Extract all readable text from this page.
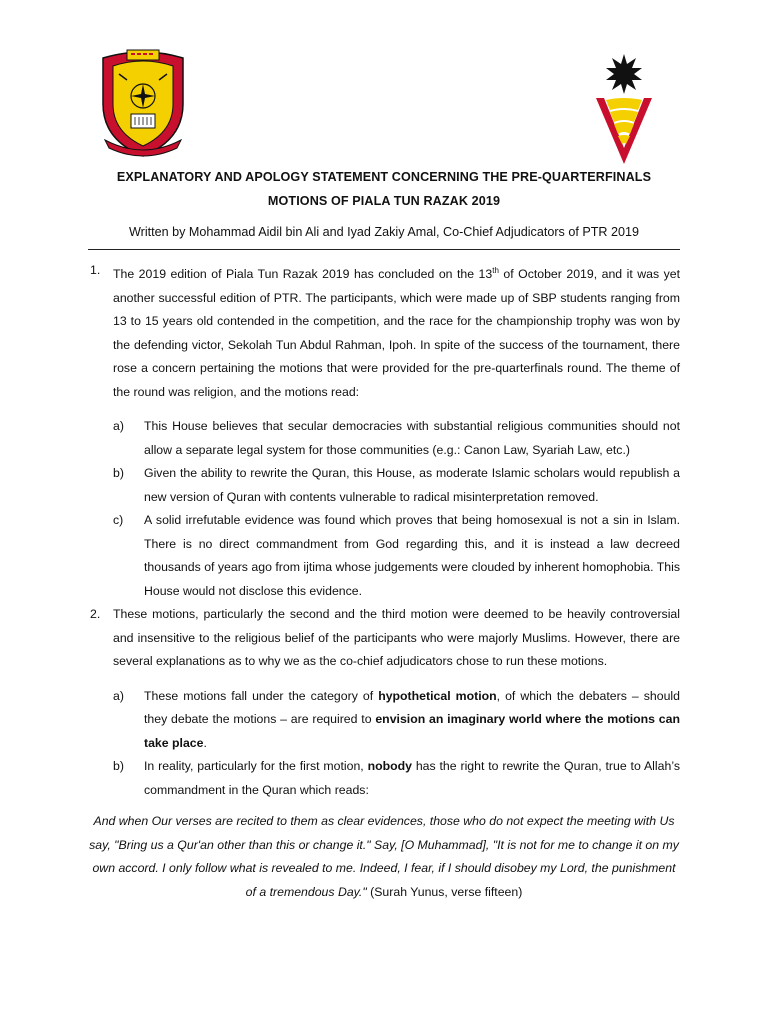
EXPLANATORY AND APOLOGY STATEMENT CONCERNING THE PRE-QUARTERFINALS
MOTIONS OF PIALA TUN RAZAK 2019
Written by Mohammad Aidil bin Ali and Iyad Zakiy Amal, Co-Chief Adjudicators of PTR 2019
1. The 2019 edition of Piala Tun Razak 2019 has concluded on the 13th of October 2019, and it was yet another successful edition of PTR. The participants, which were made up of SBP students ranging from 13 to 15 years old contended in the competition, and the race for the championship trophy was won by the defending victor, Sekolah Tun Abdul Rahman, Ipoh. In spite of the success of the tournament, there rose a concern pertaining the motions that were provided for the pre-quarterfinals round. The theme of the round was religion, and the motions read:
a) This House believes that secular democracies with substantial religious communities should not allow a separate legal system for those communities (e.g.: Canon Law, Syariah Law, etc.)
b) Given the ability to rewrite the Quran, this House, as moderate Islamic scholars would republish a new version of Quran with contents vulnerable to radical misinterpretation removed.
c) A solid irrefutable evidence was found which proves that being homosexual is not a sin in Islam. There is no direct commandment from God regarding this, and it is instead a law decreed thousands of years ago from ijtima whose judgements were clouded by inherent homophobia. This House would not disclose this evidence.
2. These motions, particularly the second and the third motion were deemed to be heavily controversial and insensitive to the religious belief of the participants who were majorly Muslims. However, there are several explanations as to why we as the co-chief adjudicators chose to run these motions.
a) These motions fall under the category of hypothetical motion, of which the debaters – should they debate the motions – are required to envision an imaginary world where the motions can take place.
b) In reality, particularly for the first motion, nobody has the right to rewrite the Quran, true to Allah’s commandment in the Quran which reads:
And when Our verses are recited to them as clear evidences, those who do not expect the meeting with Us say, "Bring us a Qur'an other than this or change it." Say, [O Muhammad], "It is not for me to change it on my own accord. I only follow what is revealed to me. Indeed, I fear, if I should disobey my Lord, the punishment of a tremendous Day." (Surah Yunus, verse fifteen)
